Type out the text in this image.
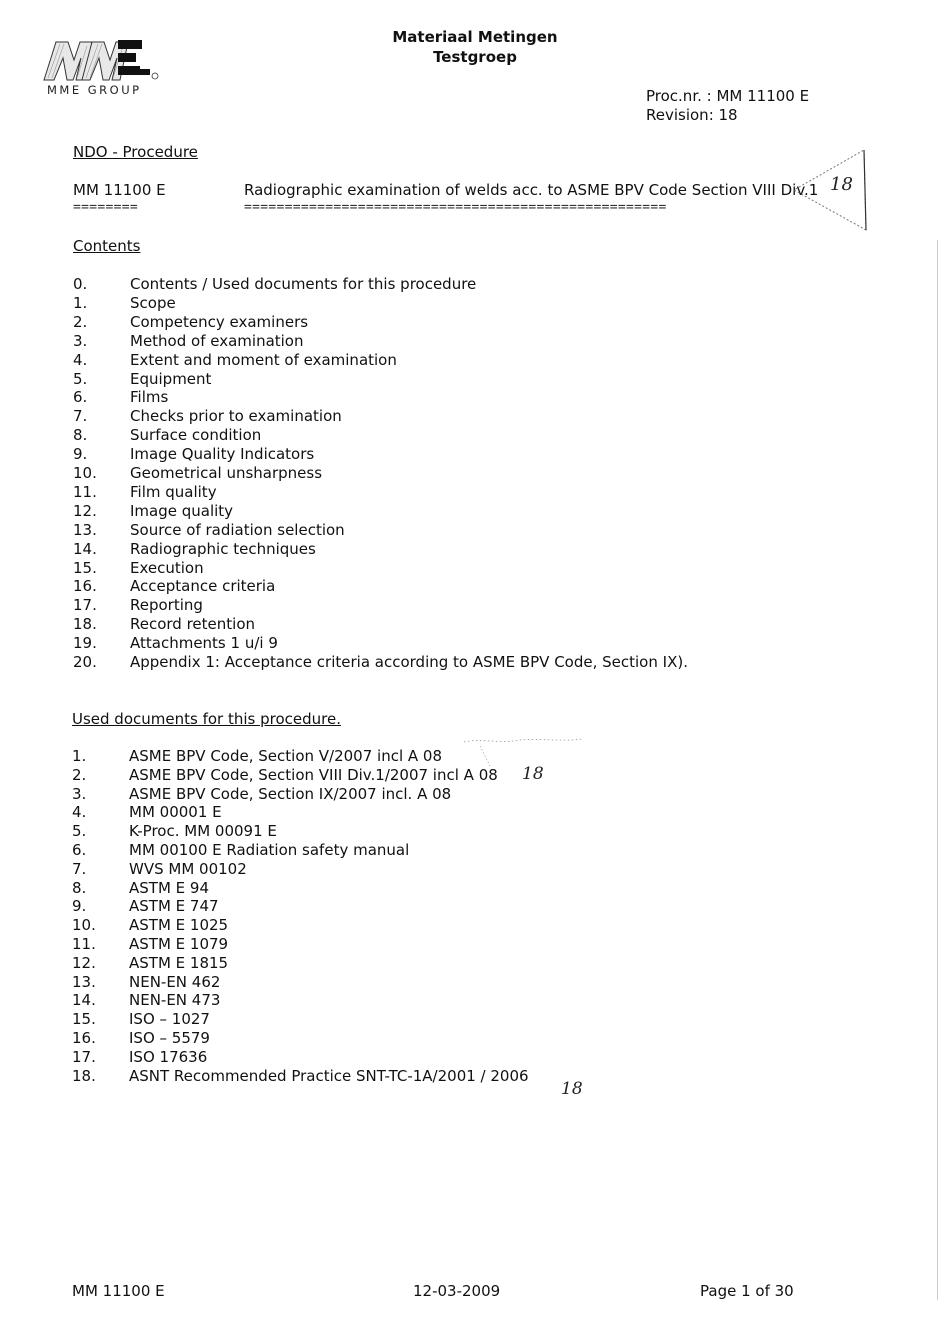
MME GROUP
Materiaal Metingen
Testgroep
Proc.nr. : MM 11100 E
Revision: 18
NDO - Procedure
MM 11100 E
========
Radiographic examination of welds acc. to ASME BPV Code Section VIII Div.1
====================================================
18
Contents
0.	Contents / Used documents for this procedure
1.	Scope
2.	Competency examiners
3.	Method of examination
4.	Extent and moment of examination
5.	Equipment
6.	Films
7.	Checks prior to examination
8.	Surface condition
9.	Image Quality Indicators
10. Geometrical unsharpness
11. Film quality
12. Image quality
13. Source of radiation selection
14. Radiographic techniques
15. Execution
16. Acceptance criteria
17. Reporting
18. Record retention
19. Attachments 1 u/i 9
20. Appendix 1: Acceptance criteria according to ASME BPV Code, Section IX).
Used documents for this procedure.
1.	ASME BPV Code, Section V/2007 incl A 08
2.	ASME BPV Code, Section VIII Div.1/2007 incl A 08
3.	ASME BPV Code, Section IX/2007 incl. A 08
4.	MM 00001 E
5.	K-Proc. MM 00091 E
6.	MM 00100 E Radiation safety manual
7.	WVS MM 00102
8.	ASTM E 94
9.	ASTM E 747
10. ASTM E 1025
11. ASTM E 1079
12. ASTM E 1815
13. NEN-EN 462
14. NEN-EN 473
15. ISO – 1027
16. ISO – 5579
17. ISO 17636
18. ASNT Recommended Practice SNT-TC-1A/2001 / 2006
18
18
MM 11100 E	12-03-2009	Page 1 of 30
